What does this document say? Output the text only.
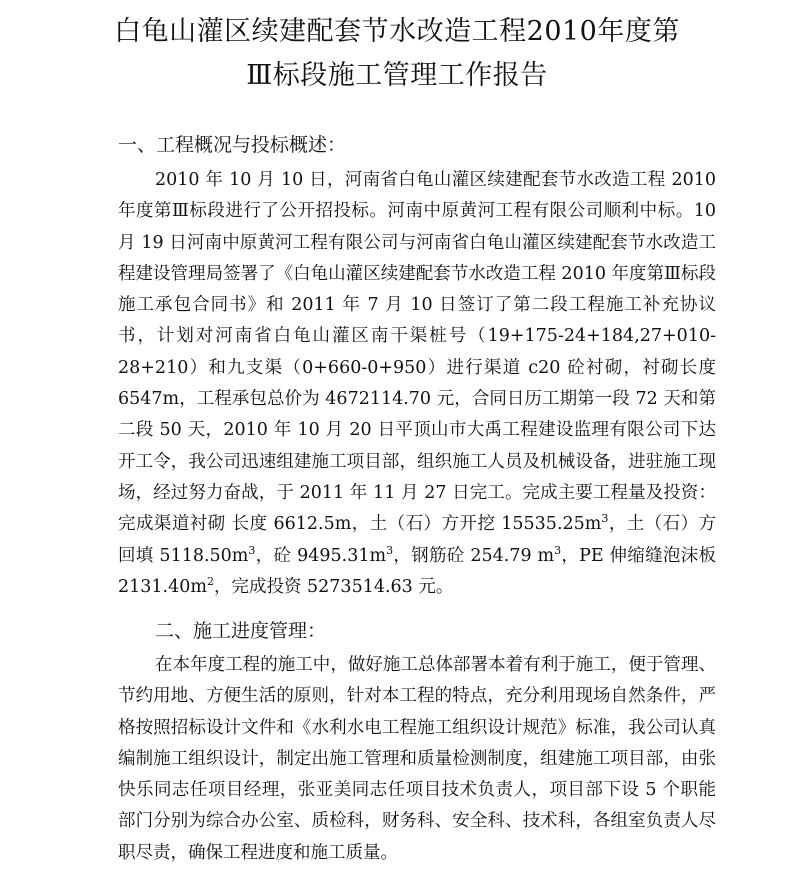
白龟山灌区续建配套节水改造工程2010年度第
Ⅲ标段施工管理工作报告
一、工程概况与投标概述：
2010 年 10 月 10 日，河南省白龟山灌区续建配套节水改造工程 2010 年度第Ⅲ标段进行了公开招投标。河南中原黄河工程有限公司顺利中标。10 月 19 日河南中原黄河工程有限公司与河南省白龟山灌区续建配套节水改造工程建设管理局签署了《白龟山灌区续建配套节水改造工程 2010 年度第Ⅲ标段施工承包合同书》和 2011 年 7 月 10 日签订了第二段工程施工补充协议书，计划对河南省白龟山灌区南干渠桩号（19+175-24+184,27+010-28+210）和九支渠（0+660-0+950）进行渠道 c20 砼衬砌，衬砌长度 6547m，工程承包总价为 4672114.70 元，合同日历工期第一段 72 天和第二段 50 天，2010 年 10 月 20 日平顶山市大禹工程建设监理有限公司下达开工令，我公司迅速组建施工项目部，组织施工人员及机械设备，进驻施工现场，经过努力奋战，于 2011 年 11 月 27 日完工。完成主要工程量及投资：完成渠道衬砌 长度 6612.5m，土（石）方开挖 $15535.25m^3$，土（石）方回填 $5118.50m^3$，砼 $9495.31m^3$，钢筋砼 254.79 $m^3$，PE 伸缩缝泡沫板 $2131.40m^2$，完成投资 5273514.63 元。
二、施工进度管理：
在本年度工程的施工中，做好施工总体部署本着有利于施工，便于管理、节约用地、方便生活的原则，针对本工程的特点，充分利用现场自然条件，严格按照招标设计文件和《水利水电工程施工组织设计规范》标准，我公司认真编制施工组织设计，制定出施工管理和质量检测制度，组建施工项目部，由张快乐同志任项目经理，张亚美同志任项目技术负责人，项目部下设 5 个职能部门分别为综合办公室、质检科，财务科、安全科、技术科，各组室负责人尽职尽责，确保工程进度和施工质量。
